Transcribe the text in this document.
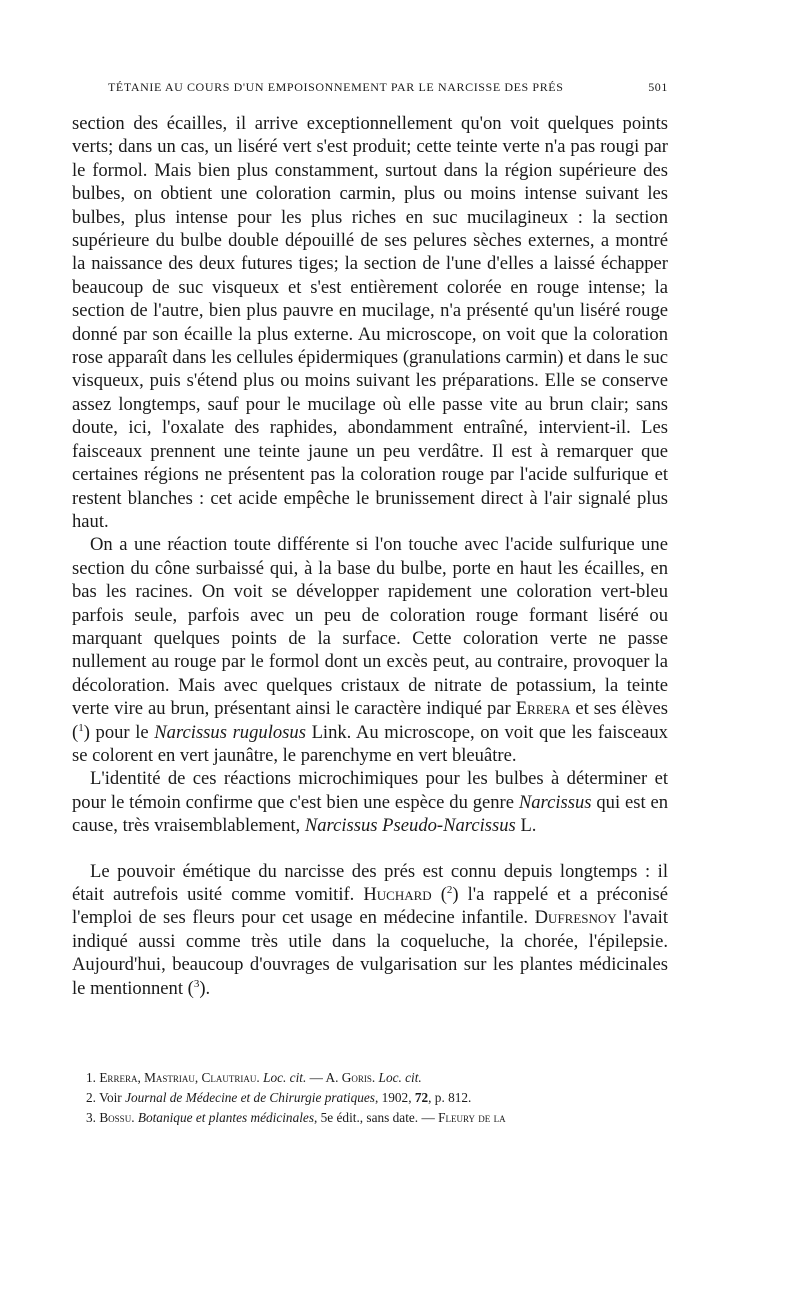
TÉTANIE AU COURS D'UN EMPOISONNEMENT PAR LE NARCISSE DES PRÉS	501

section des écailles, il arrive exceptionnellement qu'on voit quelques points verts; dans un cas, un liséré vert s'est produit; cette teinte verte n'a pas rougi par le formol. Mais bien plus constamment, surtout dans la région supérieure des bulbes, on obtient une coloration carmin, plus ou moins intense suivant les bulbes, plus intense pour les plus riches en suc mucilagineux : la section supérieure du bulbe double dépouillé de ses pelures sèches externes, a montré la naissance des deux futures tiges; la section de l'une d'elles a laissé échapper beaucoup de suc visqueux et s'est entièrement colorée en rouge intense; la section de l'autre, bien plus pauvre en mucilage, n'a présenté qu'un liséré rouge donné par son écaille la plus externe. Au microscope, on voit que la coloration rose apparaît dans les cellules épidermiques (granulations carmin) et dans le suc visqueux, puis s'étend plus ou moins suivant les préparations. Elle se conserve assez longtemps, sauf pour le mucilage où elle passe vite au brun clair; sans doute, ici, l'oxalate des raphides, abondamment entraîné, intervient-il. Les faisceaux prennent une teinte jaune un peu verdâtre. Il est à remarquer que certaines régions ne présentent pas la coloration rouge par l'acide sulfurique et restent blanches : cet acide empêche le brunissement direct à l'air signalé plus haut.

On a une réaction toute différente si l'on touche avec l'acide sulfurique une section du cône surbaissé qui, à la base du bulbe, porte en haut les écailles, en bas les racines. On voit se développer rapidement une coloration vert-bleu parfois seule, parfois avec un peu de coloration rouge formant liséré ou marquant quelques points de la surface. Cette coloration verte ne passe nullement au rouge par le formol dont un excès peut, au contraire, provoquer la décoloration. Mais avec quelques cristaux de nitrate de potassium, la teinte verte vire au brun, présentant ainsi le caractère indiqué par Errera et ses élèves ($^1$) pour le Narcissus rugulosus Link. Au microscope, on voit que les faisceaux se colorent en vert jaunâtre, le parenchyme en vert bleuâtre.

L'identité de ces réactions microchimiques pour les bulbes à déterminer et pour le témoin confirme que c'est bien une espèce du genre Narcissus qui est en cause, très vraisemblablement, Narcissus Pseudo-Narcissus L.

Le pouvoir émétique du narcisse des prés est connu depuis longtemps : il était autrefois usité comme vomitif. Huchard ($^2$) l'a rappelé et a préconisé l'emploi de ses fleurs pour cet usage en médecine infantile. Dufresnoy l'avait indiqué aussi comme très utile dans la coqueluche, la chorée, l'épilepsie. Aujourd'hui, beaucoup d'ouvrages de vulgarisation sur les plantes médicinales le mentionnent ($^3$).

1. Errera, Mastriau, Clautriau. Loc. cit. — A. Goris. Loc. cit.
2. Voir Journal de Médecine et de Chirurgie pratiques, 1902, 72, p. 812.
3. Bossu. Botanique et plantes médicinales, 5e édit., sans date. — Fleury de la
